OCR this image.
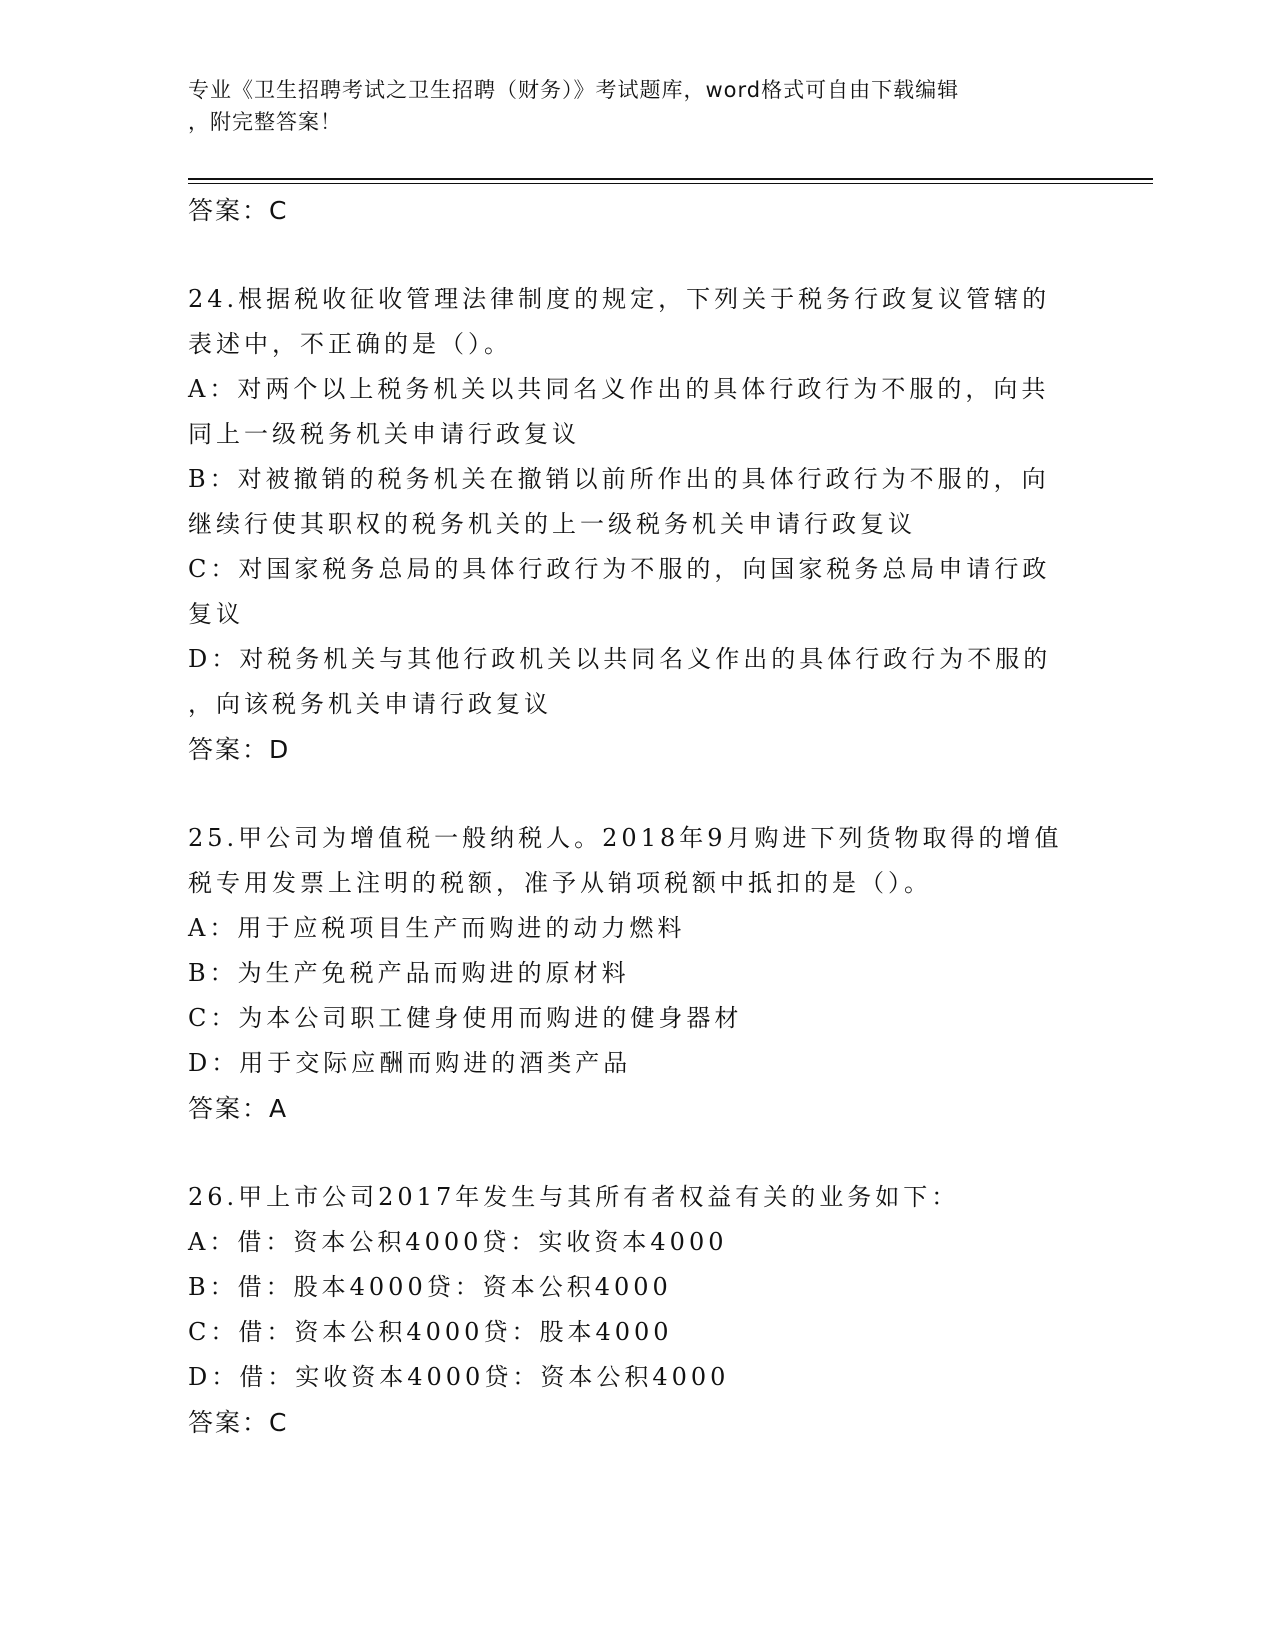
专业《卫生招聘考试之卫生招聘（财务）》考试题库，word格式可自由下载编辑
，附完整答案！
答案：C
24.根据税收征收管理法律制度的规定，下列关于税务行政复议管辖的
表述中，不正确的是（）。
A：对两个以上税务机关以共同名义作出的具体行政行为不服的，向共
同上一级税务机关申请行政复议
B：对被撤销的税务机关在撤销以前所作出的具体行政行为不服的，向
继续行使其职权的税务机关的上一级税务机关申请行政复议
C：对国家税务总局的具体行政行为不服的，向国家税务总局申请行政
复议
D：对税务机关与其他行政机关以共同名义作出的具体行政行为不服的
，向该税务机关申请行政复议
答案：D
25.甲公司为增值税一般纳税人。2018年9月购进下列货物取得的增值
税专用发票上注明的税额，准予从销项税额中抵扣的是（）。
A：用于应税项目生产而购进的动力燃料
B：为生产免税产品而购进的原材料
C：为本公司职工健身使用而购进的健身器材
D：用于交际应酬而购进的酒类产品
答案：A
26.甲上市公司2017年发生与其所有者权益有关的业务如下：
A：借：资本公积4000贷：实收资本4000
B：借：股本4000贷：资本公积4000
C：借：资本公积4000贷：股本4000
D：借：实收资本4000贷：资本公积4000
答案：C
